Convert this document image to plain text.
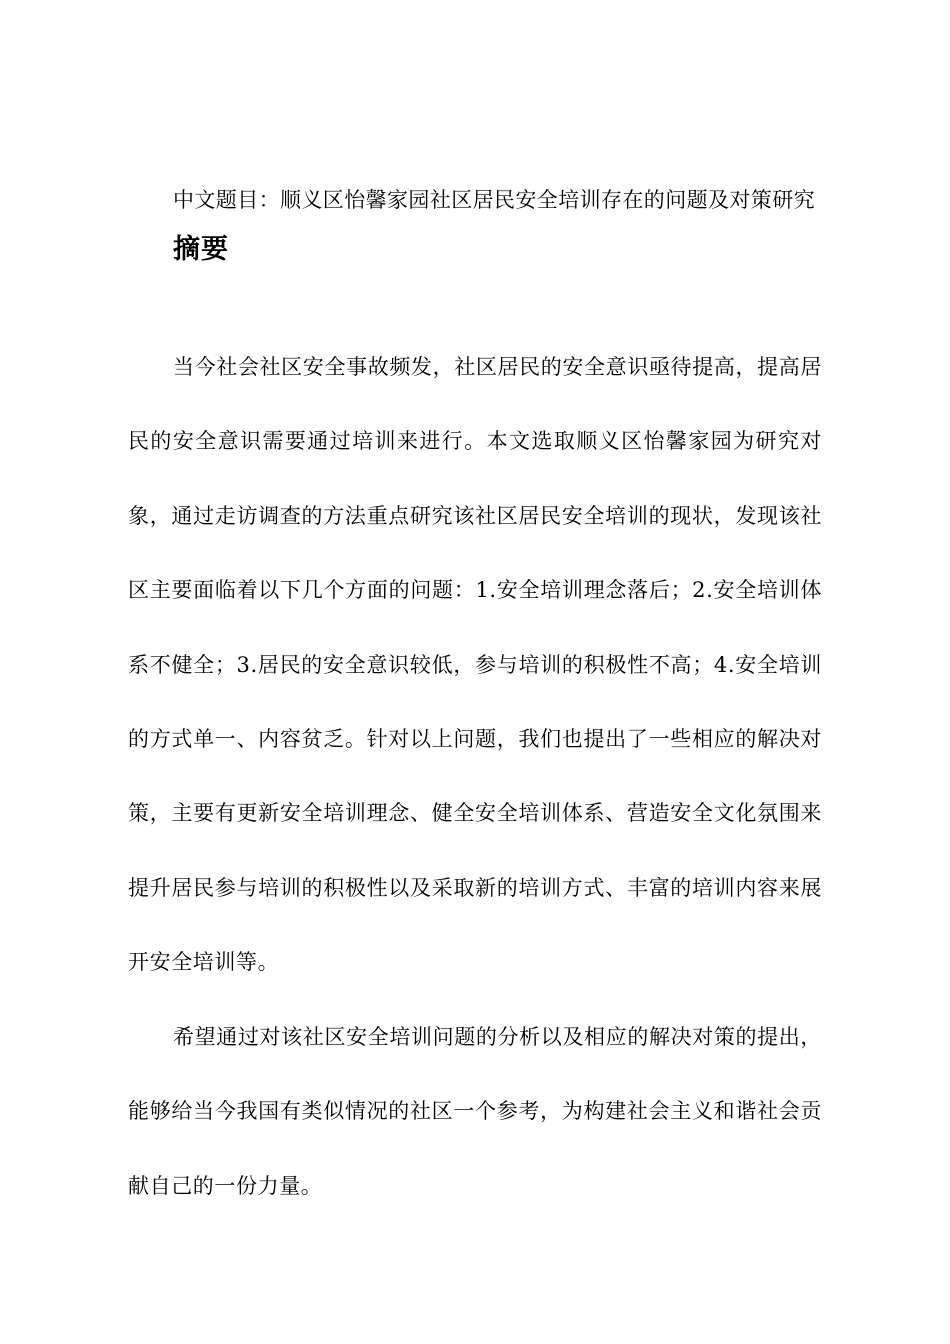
中文题目：顺义区怡馨家园社区居民安全培训存在的问题及对策研究
摘要

当今社会社区安全事故频发，社区居民的安全意识亟待提高，提高居民的安全意识需要通过培训来进行。本文选取顺义区怡馨家园为研究对象，通过走访调查的方法重点研究该社区居民安全培训的现状，发现该社区主要面临着以下几个方面的问题：1.安全培训理念落后；2.安全培训体系不健全；3.居民的安全意识较低，参与培训的积极性不高；4.安全培训的方式单一、内容贫乏。针对以上问题，我们也提出了一些相应的解决对策，主要有更新安全培训理念、健全安全培训体系、营造安全文化氛围来提升居民参与培训的积极性以及采取新的培训方式、丰富的培训内容来展开安全培训等。

希望通过对该社区安全培训问题的分析以及相应的解决对策的提出，能够给当今我国有类似情况的社区一个参考，为构建社会主义和谐社会贡献自己的一份力量。
